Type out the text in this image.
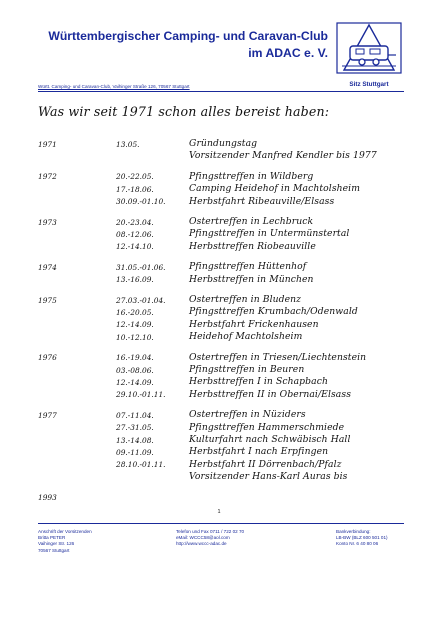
Württembergischer Camping- und Caravan-Club
im ADAC e. V.
Sitz Stuttgart
Württ. Camping- und Caravan-Club, Vaihinger Straße 126, 70567 Stuttgart
Was wir seit 1971 schon alles bereist haben:
1971	13.05.	Gründungstag
Vorsitzender Manfred Kendler bis 1977
1972	20.-22.05.	Pfingsttreffen in Wildberg
17.-18.06.	Camping Heidehof in Machtolsheim
30.09.-01.10.	Herbstfahrt Ribeauville/Elsass
1973	20.-23.04.	Ostertreffen in Lechbruck
08.-12.06.	Pfingsttreffen in Untermünstertal
12.-14.10.	Herbsttreffen Riobeauville
1974	31.05.-01.06.	Pfingsttreffen Hüttenhof
13.-16.09.	Herbsttreffen in München
1975	27.03.-01.04.	Ostertreffen in Bludenz
16.-20.05.	Pfingsttreffen Krumbach/Odenwald
12.-14.09.	Herbstfahrt Frickenhausen
10.-12.10.	Heidehof Machtolsheim
1976	16.-19.04.	Ostertreffen in Triesen/Liechtenstein
03.-08.06.	Pfingsttreffen in Beuren
12.-14.09.	Herbsttreffen I in Schapbach
29.10.-01.11.	Herbsttreffen II in Obernai/Elsass
1977	07.-11.04.	Ostertreffen in Nüziders
27.-31.05.	Pfingsttreffen Hammerschmiede
13.-14.08.	Kulturfahrt nach Schwäbisch Hall
09.-11.09.	Herbstfahrt I nach Erpfingen
28.10.-01.11.	Herbstfahrt II Dörrenbach/Pfalz
Vorsitzender Hans-Karl Auras bis
1993
1
Anschrift der Vorsitzenden
Britta PETER
Vaihinger Str. 126
70567 Stuttgart
Telefon und Fax 0711 / 722 02 70
eMail: WCCC58@aol.com
http://www.wccc-adac.de
Bankverbindung:
LB-BW (BLZ 600 501 01)
Konto Nr. 6 40 80 06
